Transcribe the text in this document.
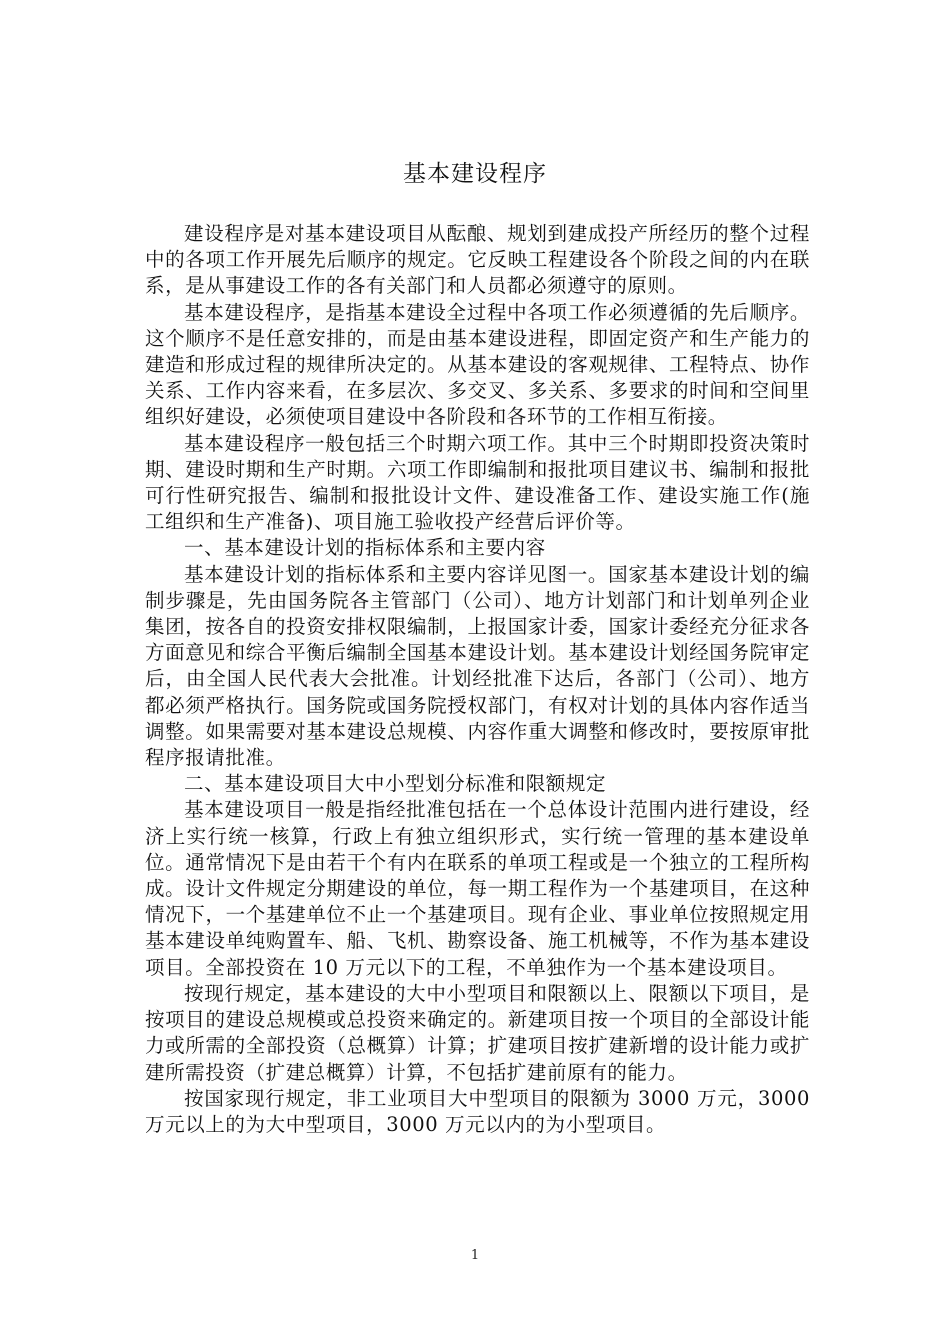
基本建设程序

建设程序是对基本建设项目从酝酿、规划到建成投产所经历的整个过程中的各项工作开展先后顺序的规定。它反映工程建设各个阶段之间的内在联系，是从事建设工作的各有关部门和人员都必须遵守的原则。

基本建设程序，是指基本建设全过程中各项工作必须遵循的先后顺序。这个顺序不是任意安排的，而是由基本建设进程，即固定资产和生产能力的建造和形成过程的规律所决定的。从基本建设的客观规律、工程特点、协作关系、工作内容来看，在多层次、多交叉、多关系、多要求的时间和空间里组织好建设，必须使项目建设中各阶段和各环节的工作相互衔接。

基本建设程序一般包括三个时期六项工作。其中三个时期即投资决策时期、建设时期和生产时期。六项工作即编制和报批项目建议书、编制和报批可行性研究报告、编制和报批设计文件、建设准备工作、建设实施工作(施工组织和生产准备)、项目施工验收投产经营后评价等。

一、基本建设计划的指标体系和主要内容

基本建设计划的指标体系和主要内容详见图一。国家基本建设计划的编制步骤是，先由国务院各主管部门（公司）、地方计划部门和计划单列企业集团，按各自的投资安排权限编制，上报国家计委，国家计委经充分征求各方面意见和综合平衡后编制全国基本建设计划。基本建设计划经国务院审定后，由全国人民代表大会批准。计划经批准下达后，各部门（公司）、地方都必须严格执行。国务院或国务院授权部门，有权对计划的具体内容作适当调整。如果需要对基本建设总规模、内容作重大调整和修改时，要按原审批程序报请批准。

二、基本建设项目大中小型划分标准和限额规定

基本建设项目一般是指经批准包括在一个总体设计范围内进行建设，经济上实行统一核算，行政上有独立组织形式，实行统一管理的基本建设单位。通常情况下是由若干个有内在联系的单项工程或是一个独立的工程所构成。设计文件规定分期建设的单位，每一期工程作为一个基建项目，在这种情况下，一个基建单位不止一个基建项目。现有企业、事业单位按照规定用基本建设单纯购置车、船、飞机、勘察设备、施工机械等，不作为基本建设项目。全部投资在 10 万元以下的工程，不单独作为一个基本建设项目。

按现行规定，基本建设的大中小型项目和限额以上、限额以下项目，是按项目的建设总规模或总投资来确定的。新建项目按一个项目的全部设计能力或所需的全部投资（总概算）计算；扩建项目按扩建新增的设计能力或扩建所需投资（扩建总概算）计算，不包括扩建前原有的能力。

按国家现行规定，非工业项目大中型项目的限额为 3000 万元，3000 万元以上的为大中型项目，3000 万元以内的为小型项目。

1
